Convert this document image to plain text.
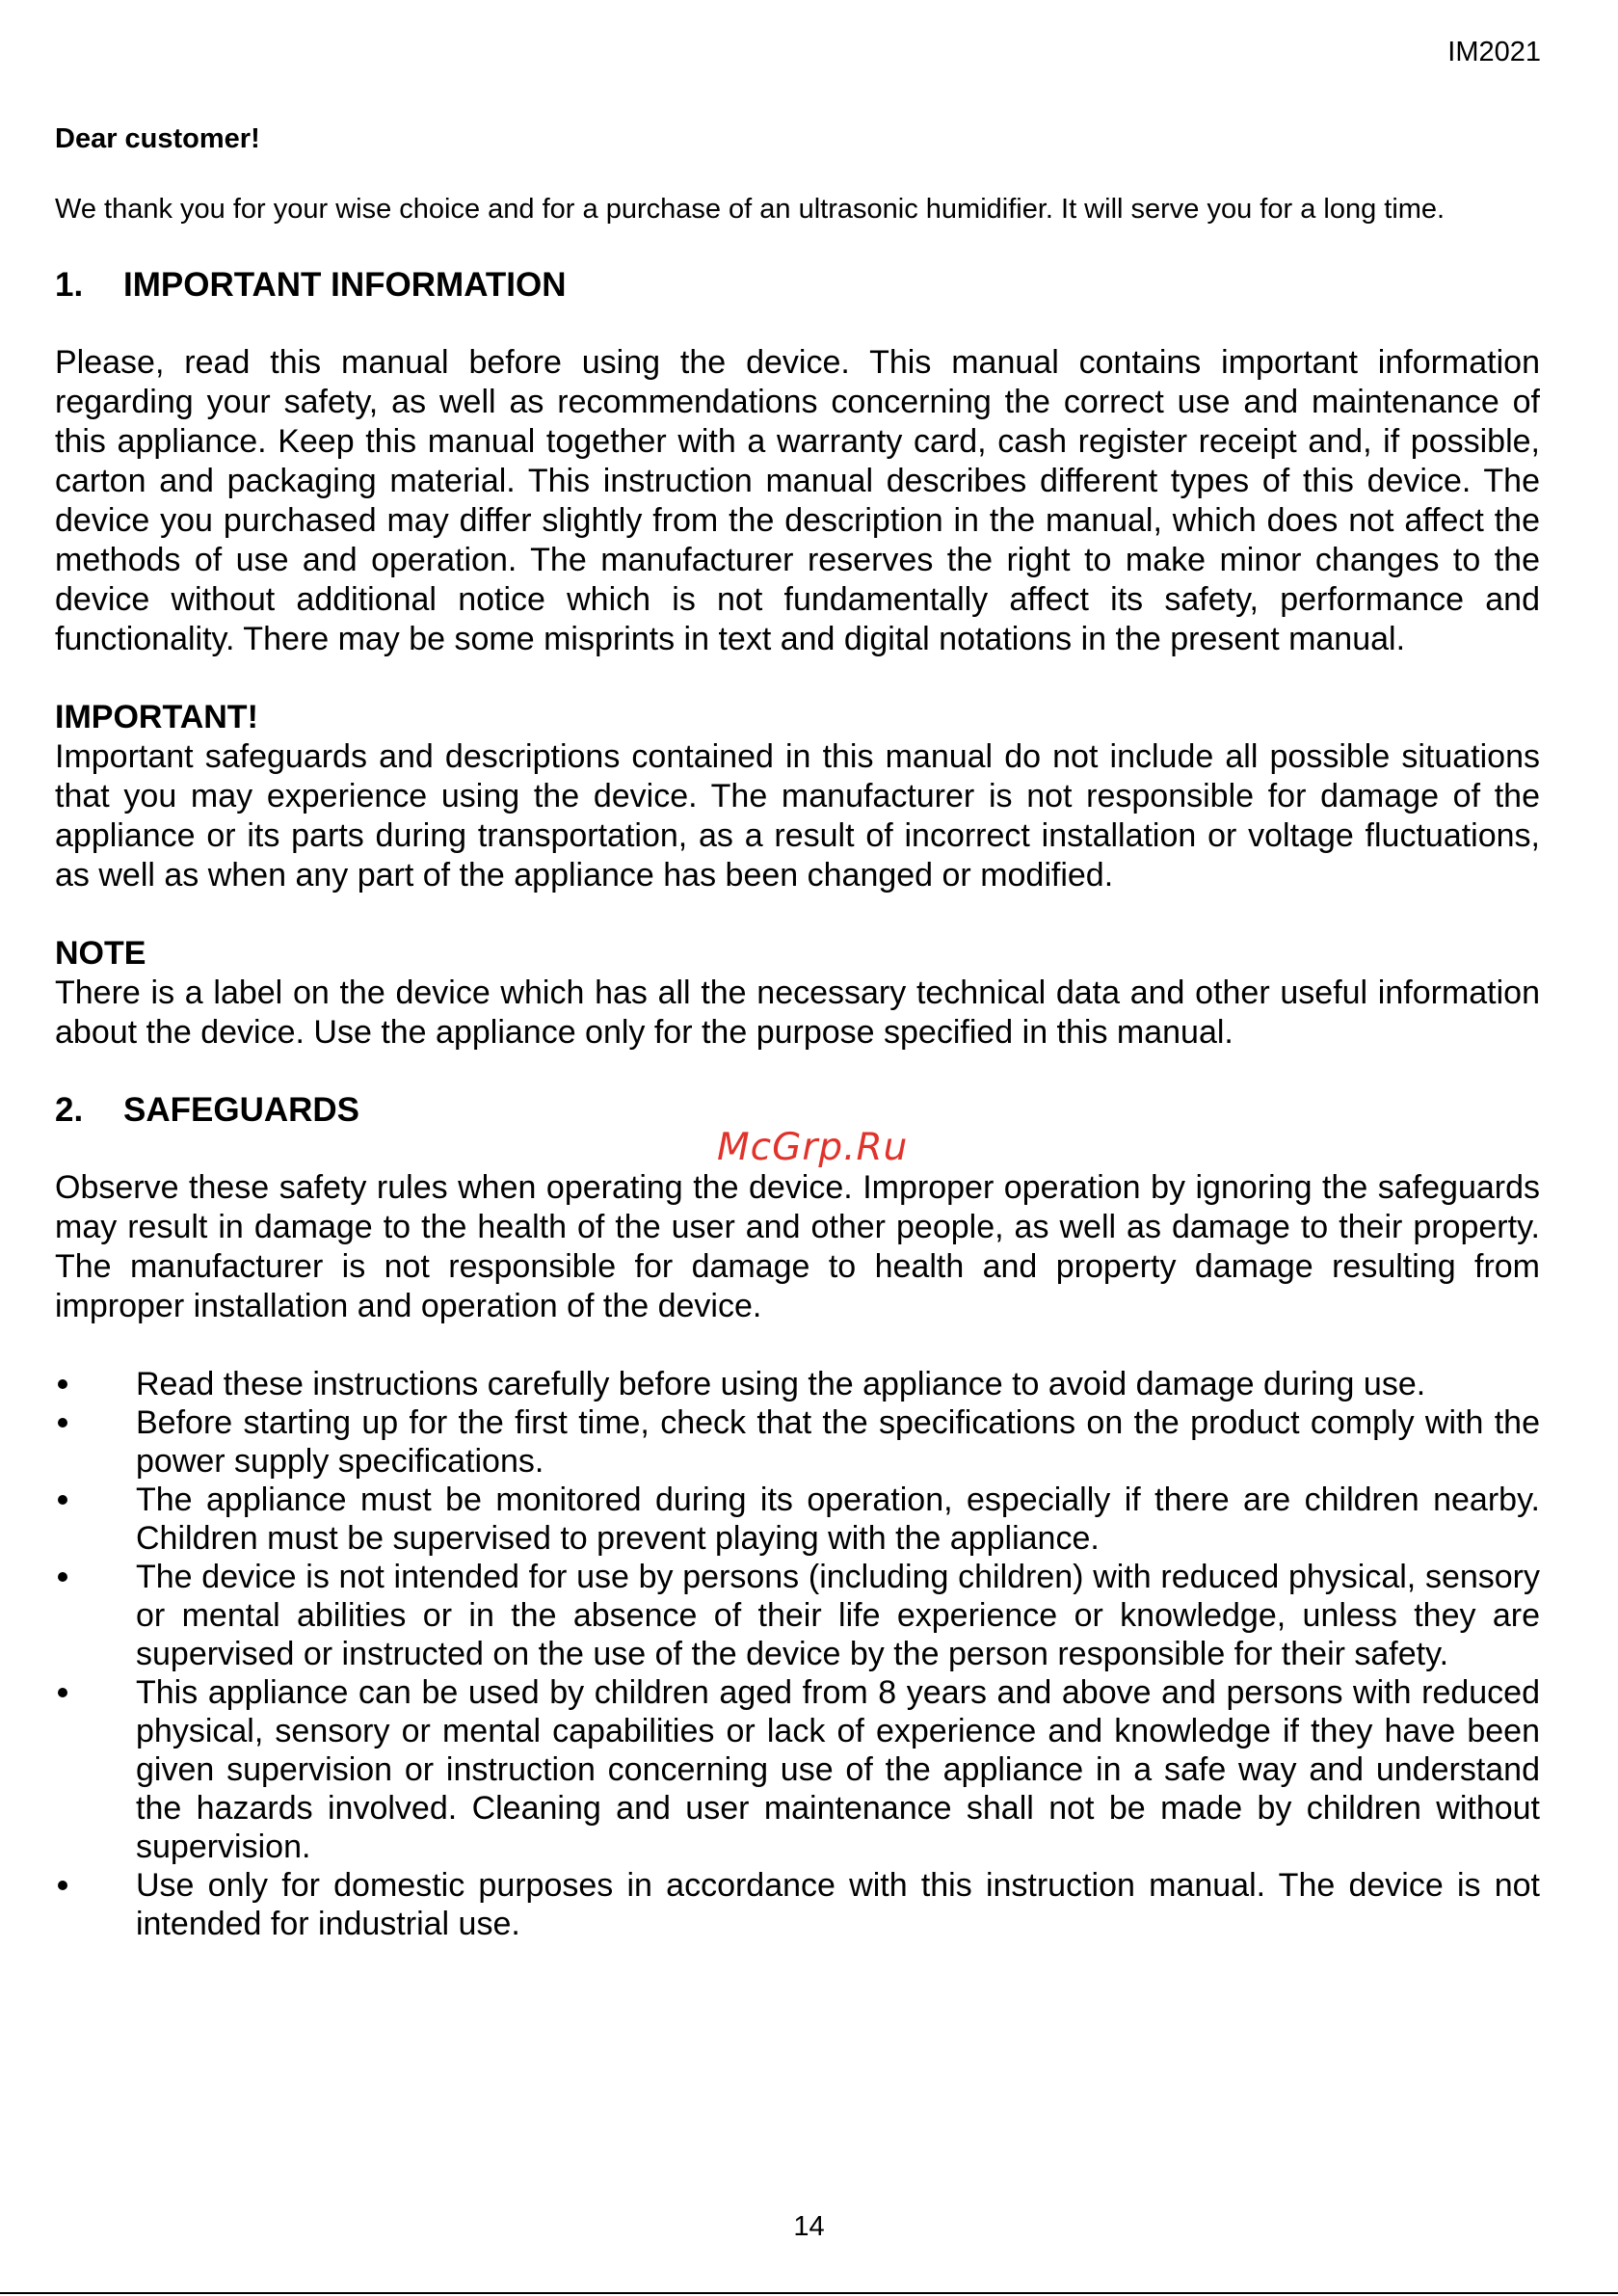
IM2021

Dear customer!

We thank you for your wise choice and for a purchase of an ultrasonic humidifier. It will serve you for a long time.

1.	IMPORTANT INFORMATION

Please, read this manual before using the device. This manual contains important information regarding your safety, as well as recommendations concerning the correct use and maintenance of this appliance. Keep this manual together with a warranty card, cash register receipt and, if possible, carton and packaging material. This instruction manual describes different types of this device. The device you purchased may differ slightly from the description in the manual, which does not affect the methods of use and operation. The manufacturer reserves the right to make minor changes to the device without additional notice which is not fundamentally affect its safety, performance and functionality. There may be some misprints in text and digital notations in the present manual.

IMPORTANT!

Important safeguards and descriptions contained in this manual do not include all possible situations that you may experience using the device. The manufacturer is not responsible for damage of the appliance or its parts during transportation, as a result of incorrect installation or voltage fluctuations, as well as when any part of the appliance has been changed or modified.

NOTE

There is a label on the device which has all the necessary technical data and other useful information about the device. Use the appliance only for the purpose specified in this manual.

2.	SAFEGUARDS

Observe these safety rules when operating the device. Improper operation by ignoring the safeguards may result in damage to the health of the user and other people, as well as damage to their property. The manufacturer is not responsible for damage to health and property damage resulting from improper installation and operation of the device.

Read these instructions carefully before using the appliance to avoid damage during use.
Before starting up for the first time, check that the specifications on the product comply with the power supply specifications.
The appliance must be monitored during its operation, especially if there are children nearby. Children must be supervised to prevent playing with the appliance.
The device is not intended for use by persons (including children) with reduced physical, sensory or mental abilities or in the absence of their life experience or knowledge, unless they are supervised or instructed on the use of the device by the person responsible for their safety.
This appliance can be used by children aged from 8 years and above and persons with reduced physical, sensory or mental capabilities or lack of experience and knowledge if they have been given supervision or instruction concerning use of the appliance in a safe way and understand the hazards involved. Cleaning and user maintenance shall not be made by children without supervision.
Use only for domestic purposes in accordance with this instruction manual. The device is not intended for industrial use.
McGrp.Ru
14
